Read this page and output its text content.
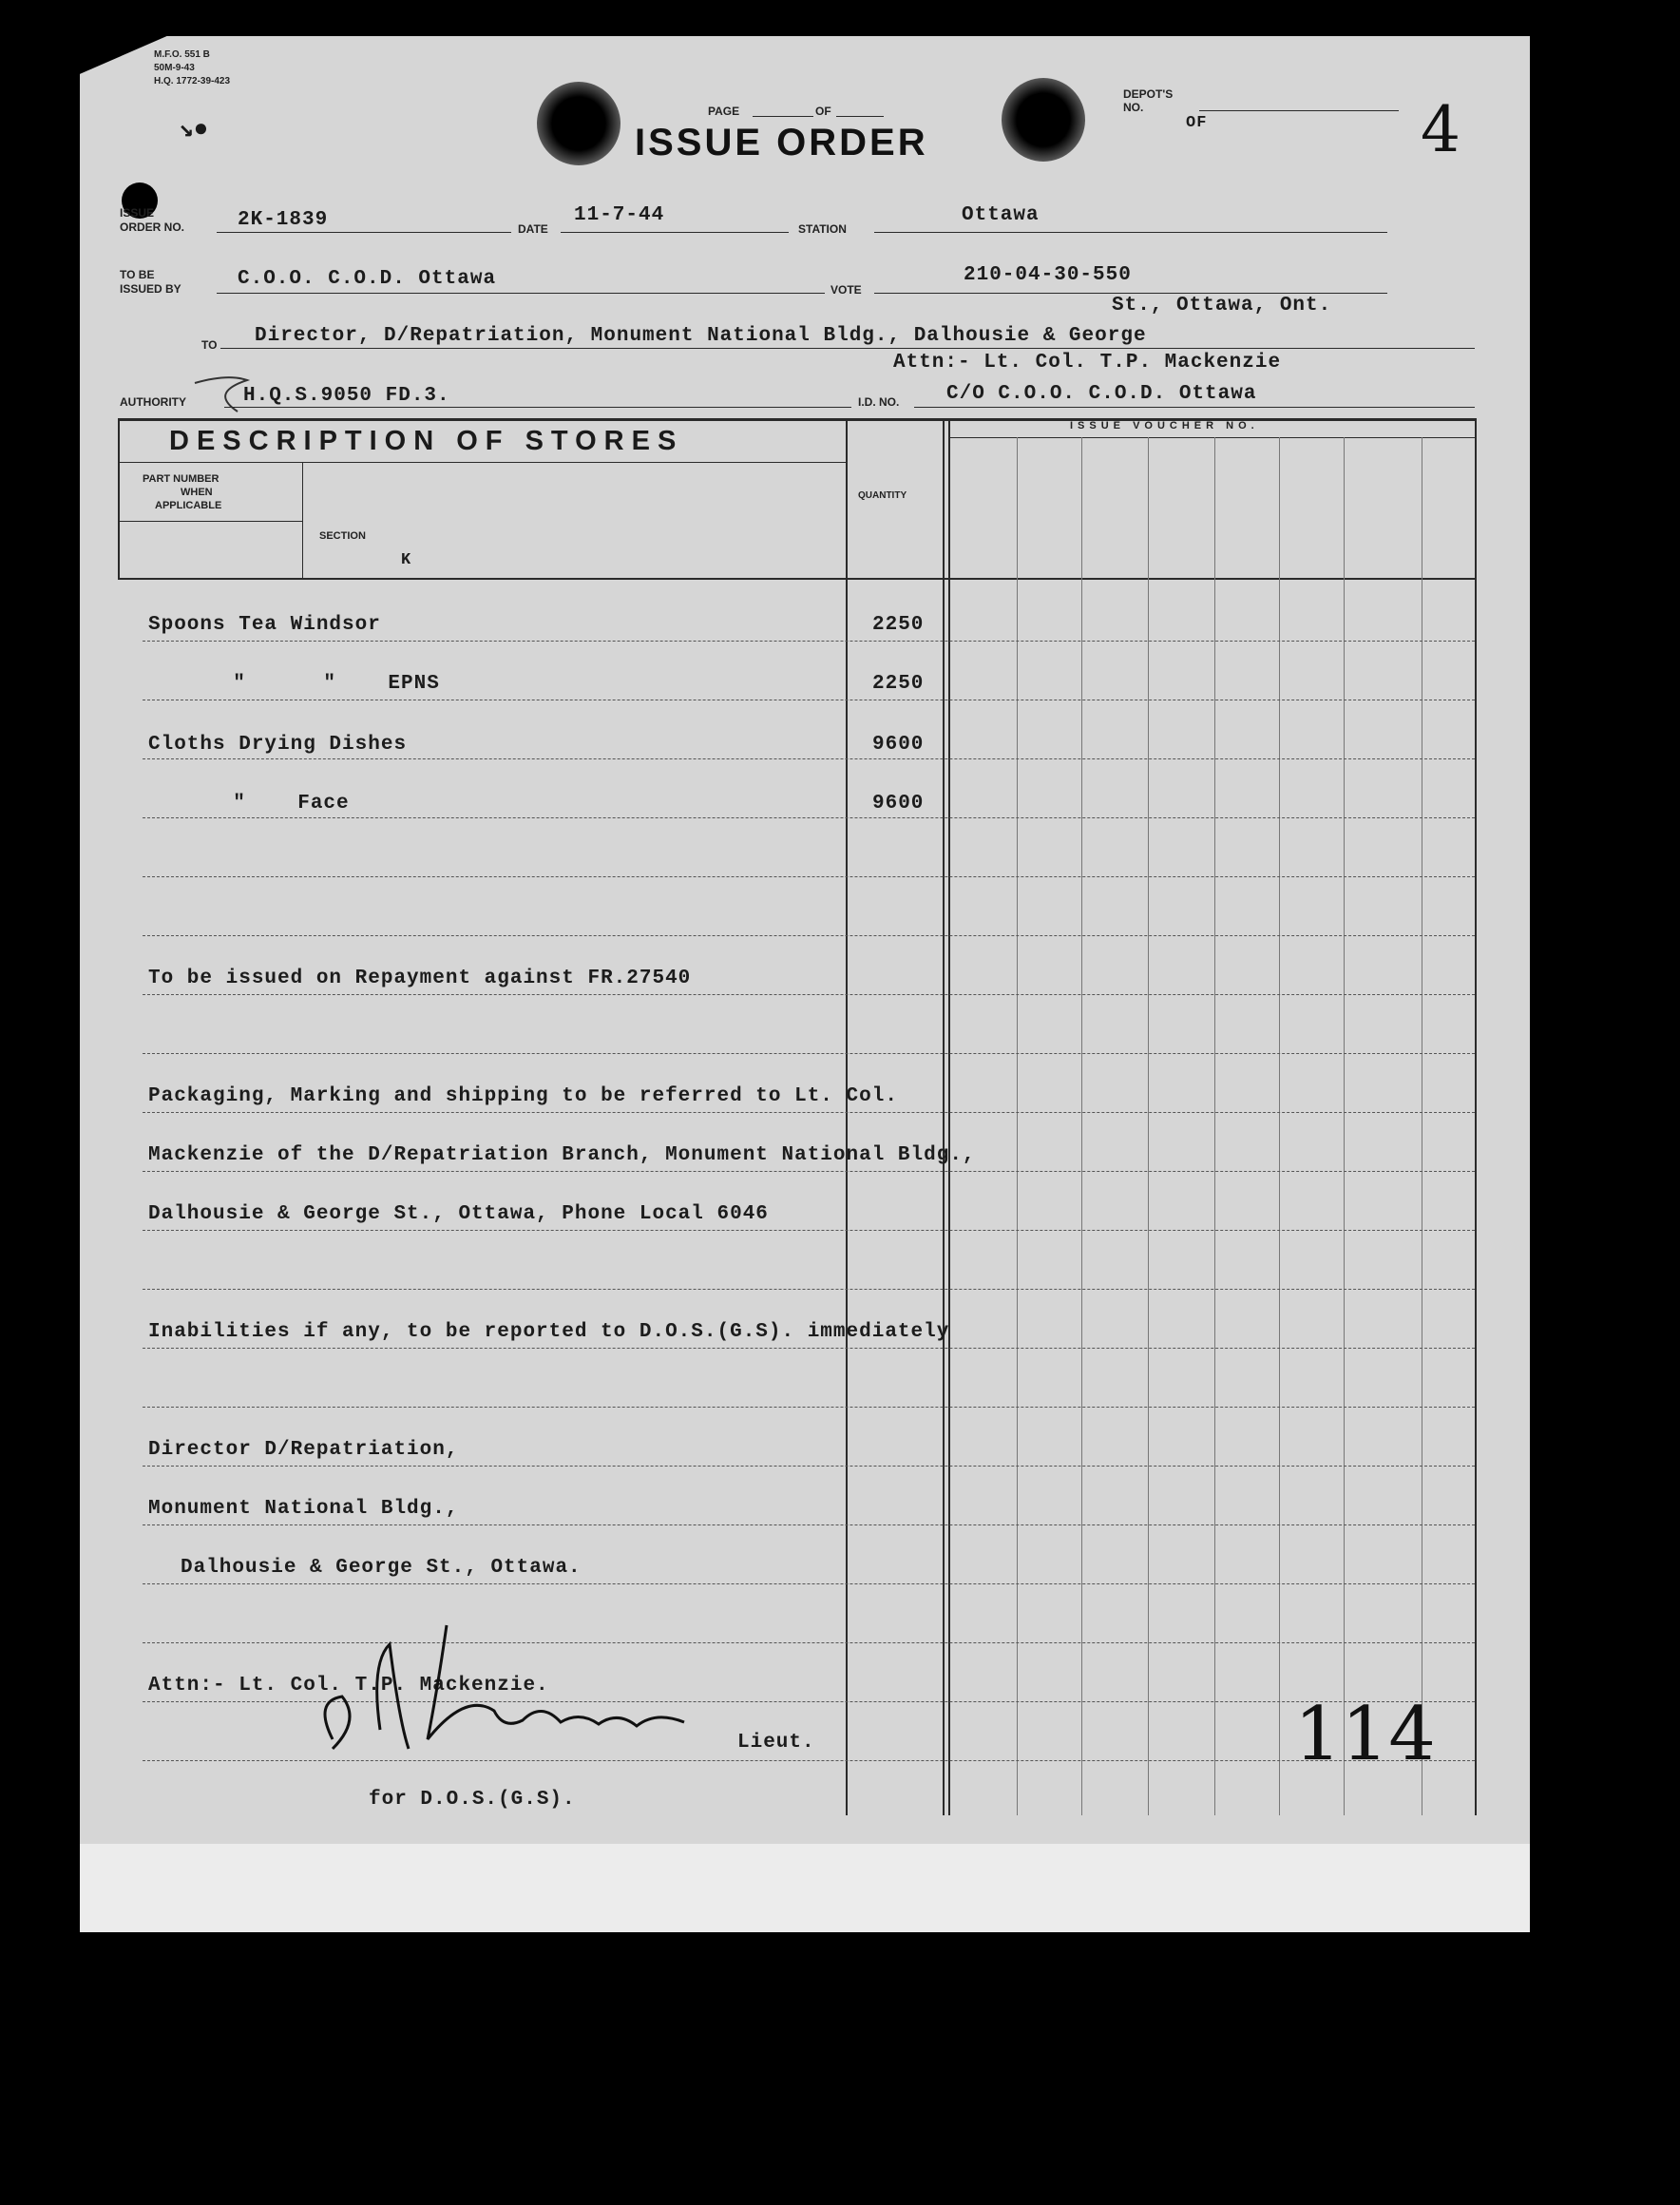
M.F.O. 551 B
50M-9-43
H.Q. 1772-39-423
↘●
PAGE	OF
ISSUE ORDER
DEPOT'S
NO.
OF	4
ISSUE
ORDER NO.	2K-1839	DATE
11-7-44
STATION
Ottawa
TO BE
ISSUED BY	C.O.O. C.O.D. Ottawa	VOTE
210-04-30-550
St., Ottawa, Ont.
TO Director, D/Repatriation, Monument National Bldg., Dalhousie & George
Attn:- Lt. Col. T.P. Mackenzie
AUTHORITY	H.Q.S.9050 FD.3.	I.D. NO. C/O C.O.O. C.O.D. Ottawa
DESCRIPTION OF STORES
PART NUMBER
WHEN
APPLICABLE
SECTION
K
QUANTITY
ISSUE VOUCHER NO.
Spoons Tea Windsor	2250
"      "    EPNS	2250
Cloths Drying Dishes	9600
"    Face	9600
To be issued on Repayment against FR.27540
Packaging, Marking and shipping to be referred to Lt. Col.
Mackenzie of the D/Repatriation Branch, Monument National Bldg.,
Dalhousie & George St., Ottawa, Phone Local 6046
Inabilities if any, to be reported to D.O.S.(G.S). immediately
Director D/Repatriation,
Monument National Bldg.,
Dalhousie & George St., Ottawa.
Attn:- Lt. Col. T.P. Mackenzie.
Lieut.
for D.O.S.(G.S).
114
